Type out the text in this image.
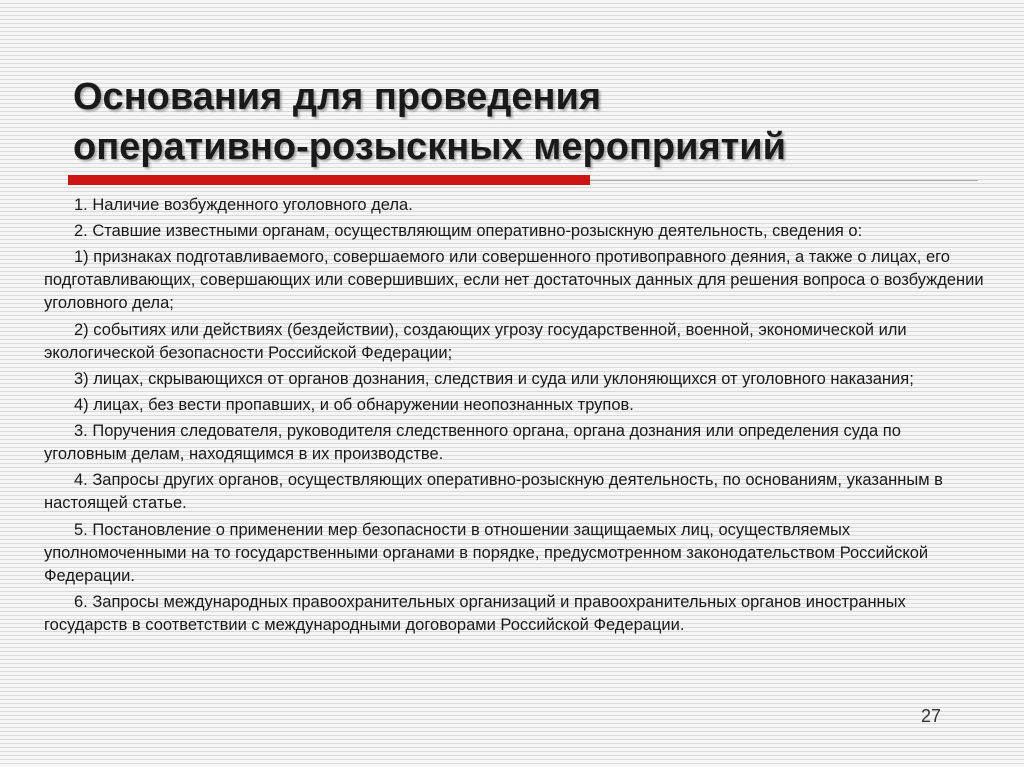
Основания для проведения
оперативно-розыскных мероприятий

1. Наличие возбужденного уголовного дела.

2. Ставшие известными органам, осуществляющим оперативно-розыскную деятельность, сведения о:

1) признаках подготавливаемого, совершаемого или совершенного противоправного деяния, а также о лицах, его подготавливающих, совершающих или совершивших, если нет достаточных данных для решения вопроса о возбуждении уголовного дела;

2) событиях или действиях (бездействии), создающих угрозу государственной, военной, экономической или экологической безопасности Российской Федерации;

3) лицах, скрывающихся от органов дознания, следствия и суда или уклоняющихся от уголовного наказания;

4) лицах, без вести пропавших, и об обнаружении неопознанных трупов.

3. Поручения следователя, руководителя следственного органа, органа дознания или определения суда по уголовным делам, находящимся в их производстве.

4. Запросы других органов, осуществляющих оперативно-розыскную деятельность, по основаниям, указанным в настоящей статье.

5. Постановление о применении мер безопасности в отношении защищаемых лиц, осуществляемых уполномоченными на то государственными органами в порядке, предусмотренном законодательством Российской Федерации.

6. Запросы международных правоохранительных организаций и правоохранительных органов иностранных государств в соответствии с международными договорами Российской Федерации.

27
